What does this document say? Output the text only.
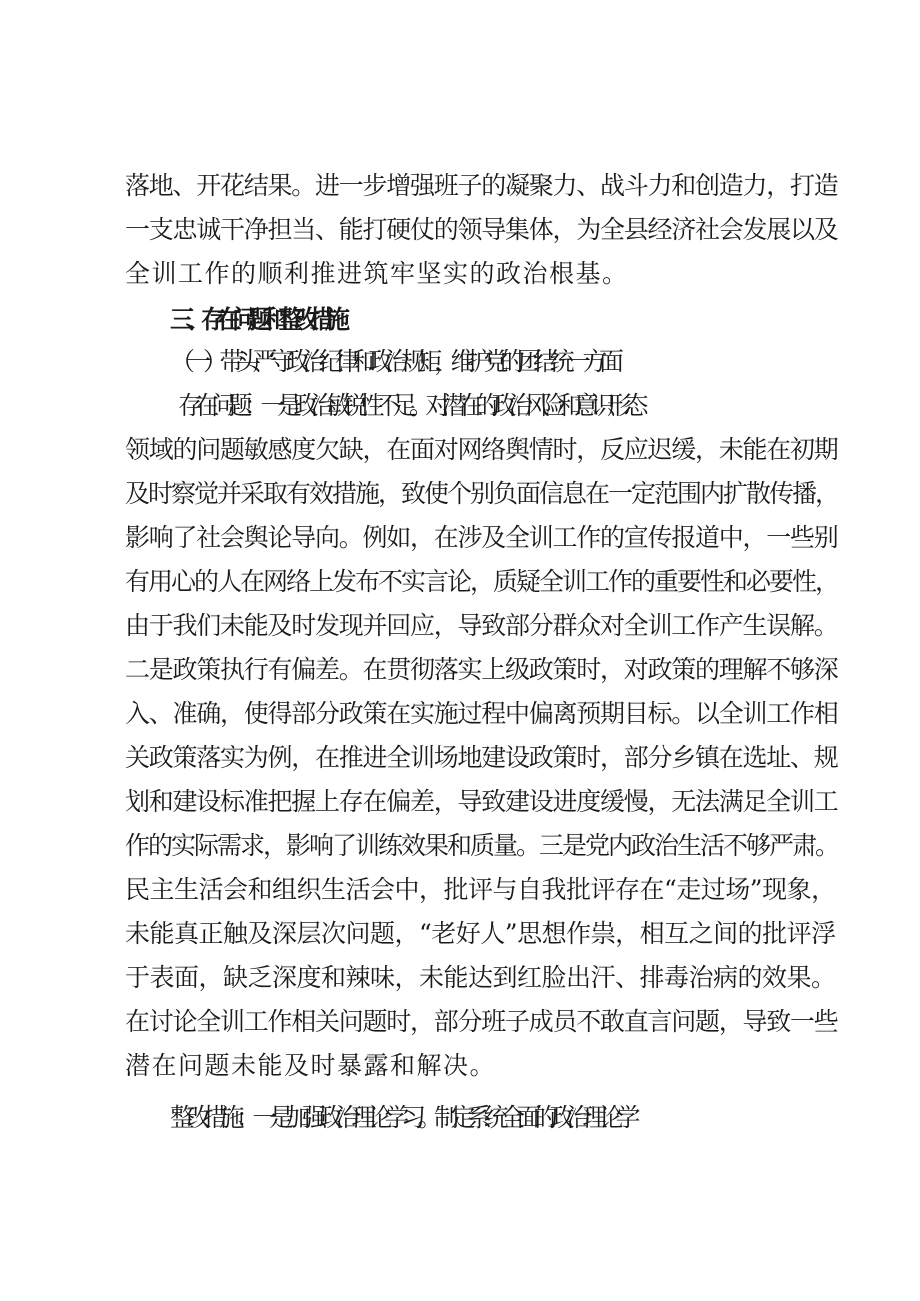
落地、开花结果。进一步增强班子的凝聚力、战斗力和创造力，打造
一支忠诚干净担当、能打硬仗的领导集体，为全县经济社会发展以及
全训工作的顺利推进筑牢坚实的政治根基。
三、存在问题和整改措施
（一）带头严守政治纪律和政治规矩，维护党的团结统一方面
存在问题：一是政治敏锐性不足。对潜在的政治风险和意识形态
领域的问题敏感度欠缺，在面对网络舆情时，反应迟缓，未能在初期
及时察觉并采取有效措施，致使个别负面信息在一定范围内扩散传播，
影响了社会舆论导向。例如，在涉及全训工作的宣传报道中，一些别
有用心的人在网络上发布不实言论，质疑全训工作的重要性和必要性，
由于我们未能及时发现并回应，导致部分群众对全训工作产生误解。
二是政策执行有偏差。在贯彻落实上级政策时，对政策的理解不够深
入、准确，使得部分政策在实施过程中偏离预期目标。以全训工作相
关政策落实为例，在推进全训场地建设政策时，部分乡镇在选址、规
划和建设标准把握上存在偏差，导致建设进度缓慢，无法满足全训工
作的实际需求，影响了训练效果和质量。三是党内政治生活不够严肃。
民主生活会和组织生活会中，批评与自我批评存在“走过场”现象，
未能真正触及深层次问题，“老好人”思想作祟，相互之间的批评浮
于表面，缺乏深度和辣味，未能达到红脸出汗、排毒治病的效果。
在讨论全训工作相关问题时，部分班子成员不敢直言问题，导致一些
潜在问题未能及时暴露和解决。
整改措施：一是加强政治理论学习。制定系统全面的政治理论学
